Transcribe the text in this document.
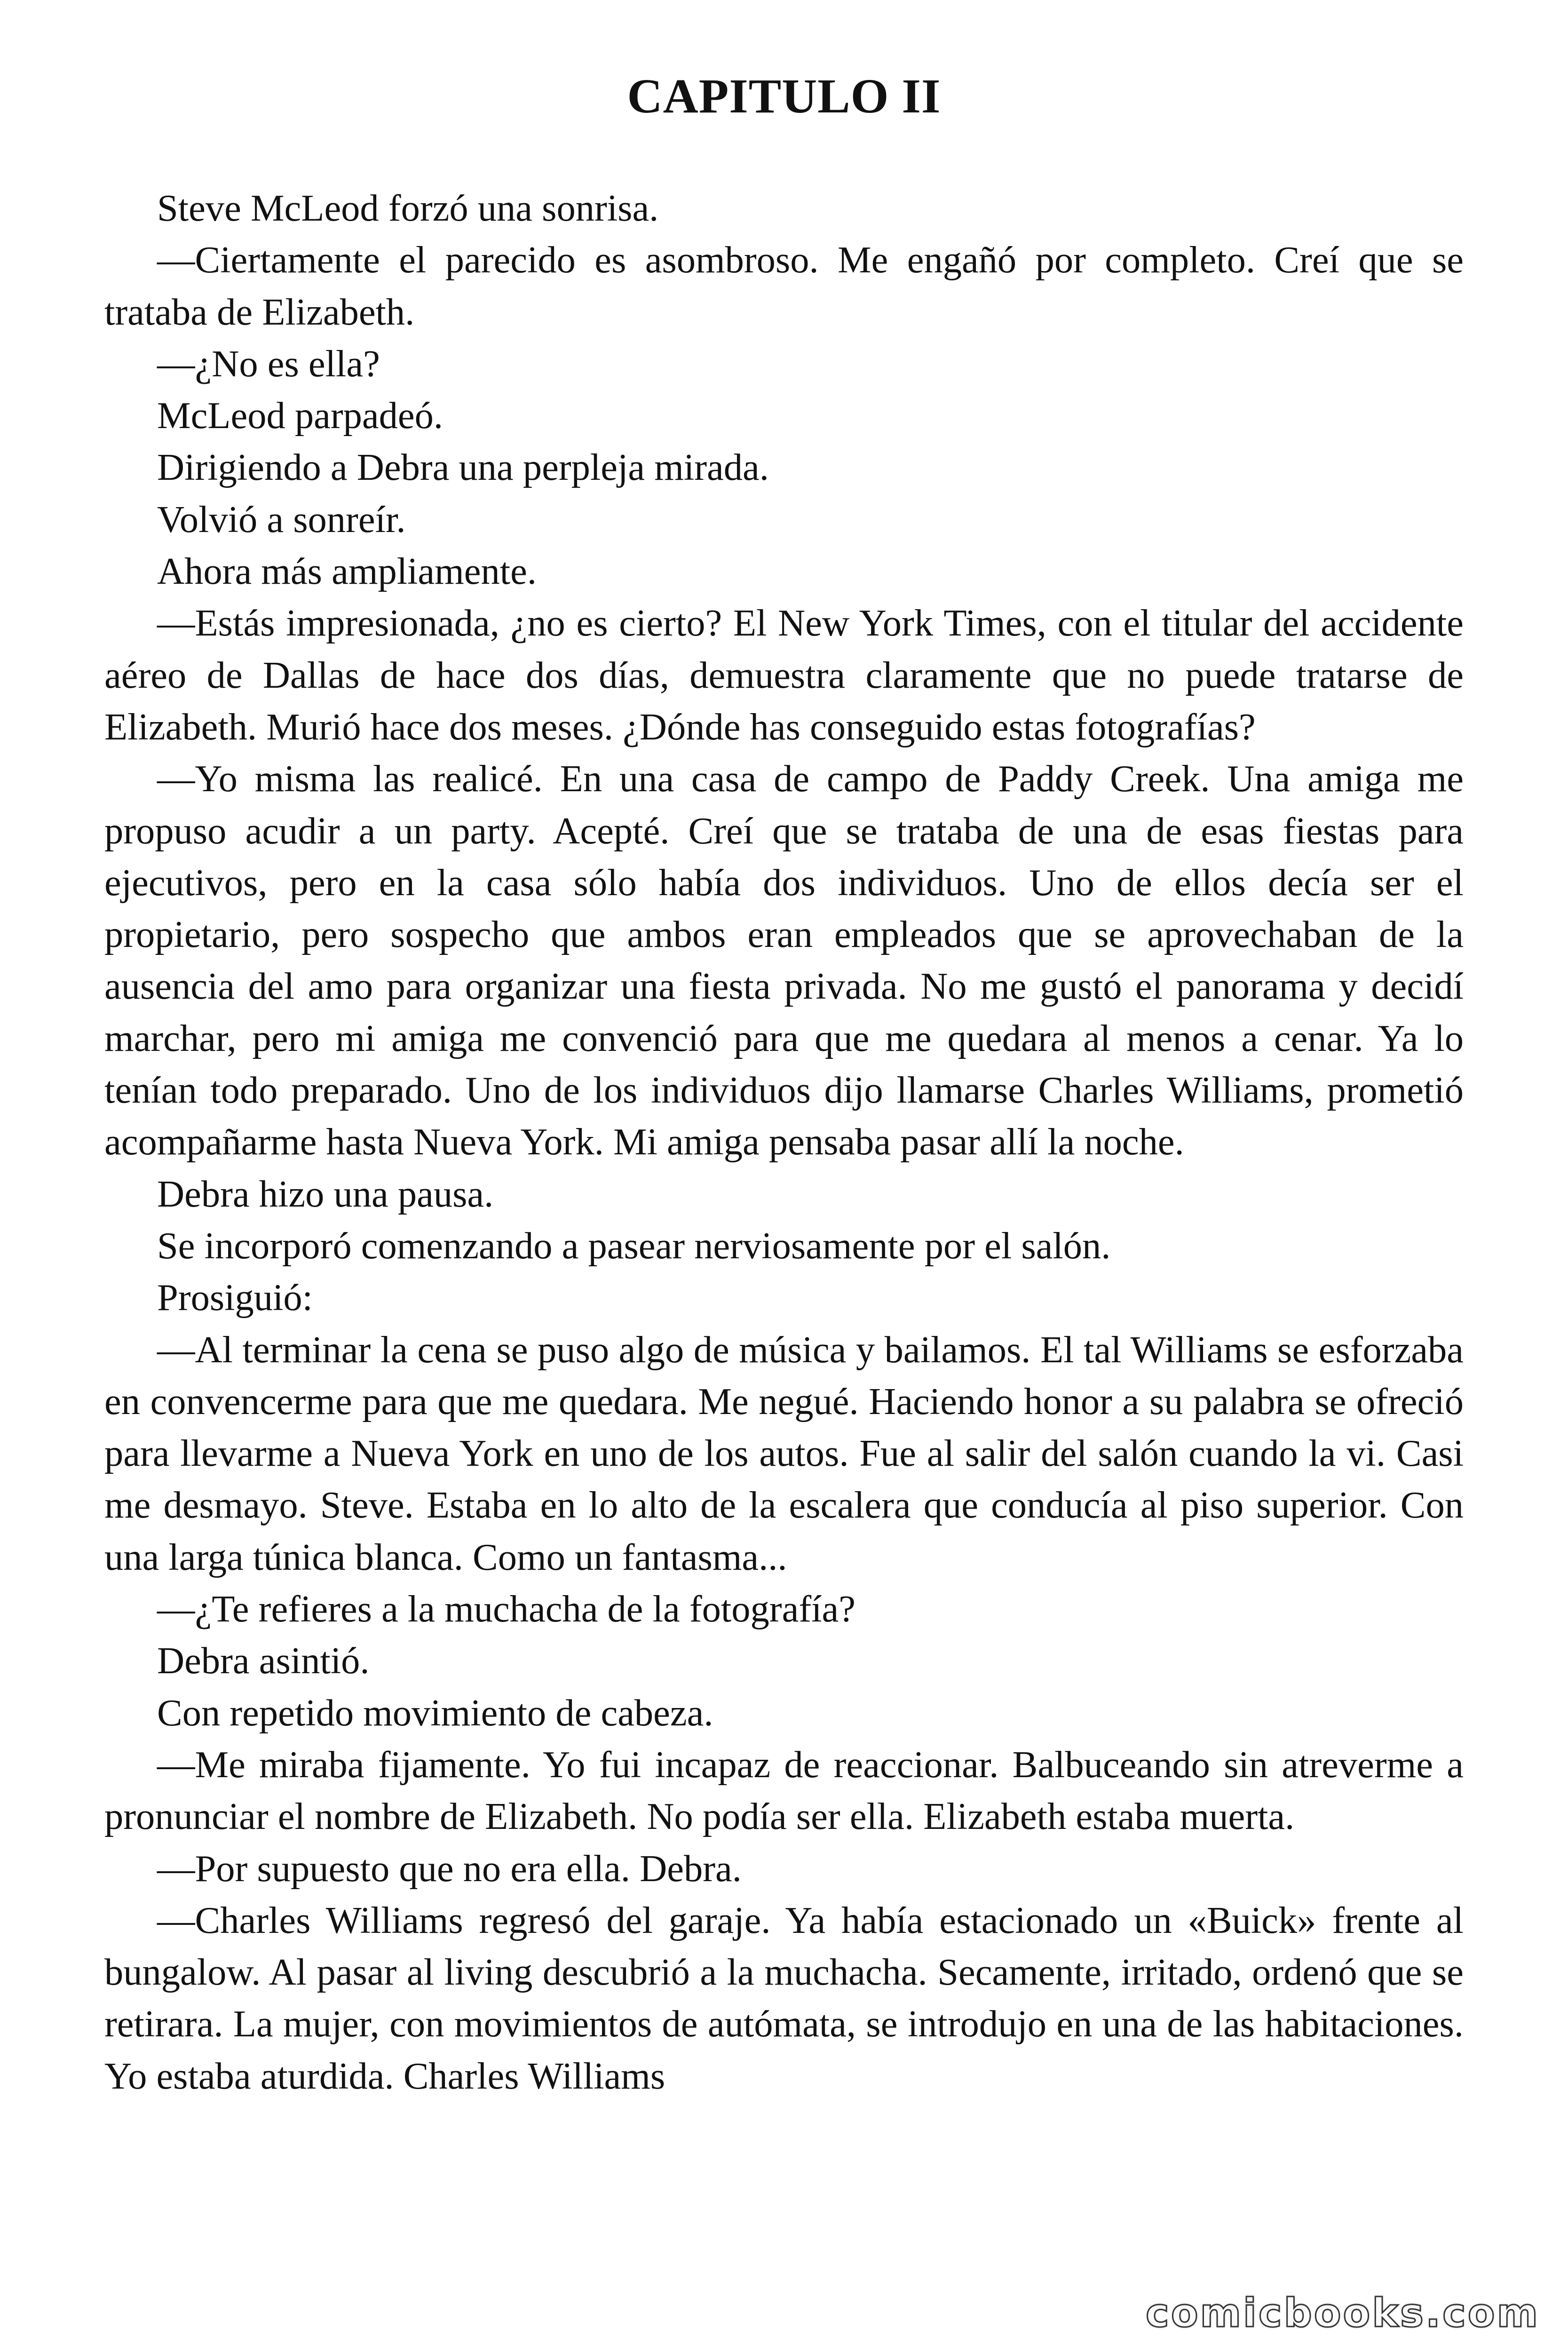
CAPITULO II

Steve McLeod forzó una sonrisa.

—Ciertamente el parecido es asombroso. Me engañó por completo. Creí que se trataba de Elizabeth.

—¿No es ella?

McLeod parpadeó.

Dirigiendo a Debra una perpleja mirada.

Volvió a sonreír.

Ahora más ampliamente.

—Estás impresionada, ¿no es cierto? El New York Times, con el titular del accidente aéreo de Dallas de hace dos días, demuestra claramente que no puede tratarse de Elizabeth. Murió hace dos meses. ¿Dónde has conseguido estas fotografías?

—Yo misma las realicé. En una casa de campo de Paddy Creek. Una amiga me propuso acudir a un party. Acepté. Creí que se trataba de una de esas fiestas para ejecutivos, pero en la casa sólo había dos individuos. Uno de ellos decía ser el propietario, pero sospecho que ambos eran empleados que se aprovechaban de la ausencia del amo para organizar una fiesta privada. No me gustó el panorama y decidí marchar, pero mi amiga me convenció para que me quedara al menos a cenar. Ya lo tenían todo preparado. Uno de los individuos dijo llamarse Charles Williams, prometió acompañarme hasta Nueva York. Mi amiga pensaba pasar allí la noche.

Debra hizo una pausa.

Se incorporó comenzando a pasear nerviosamente por el salón.

Prosiguió:

—Al terminar la cena se puso algo de música y bailamos. El tal Williams se esforzaba en convencerme para que me quedara. Me negué. Haciendo honor a su palabra se ofreció para llevarme a Nueva York en uno de los autos. Fue al salir del salón cuando la vi. Casi me desmayo. Steve. Estaba en lo alto de la escalera que conducía al piso superior. Con una larga túnica blanca. Como un fantasma...

—¿Te refieres a la muchacha de la fotografía?

Debra asintió.

Con repetido movimiento de cabeza.

—Me miraba fijamente. Yo fui incapaz de reaccionar. Balbuceando sin atreverme a pronunciar el nombre de Elizabeth. No podía ser ella. Elizabeth estaba muerta.

—Por supuesto que no era ella. Debra.

—Charles Williams regresó del garaje. Ya había estacionado un «Buick» frente al bungalow. Al pasar al living descubrió a la muchacha. Secamente, irritado, ordenó que se retirara. La mujer, con movimientos de autómata, se introdujo en una de las habitaciones. Yo estaba aturdida. Charles Williams

comicbooks.com
